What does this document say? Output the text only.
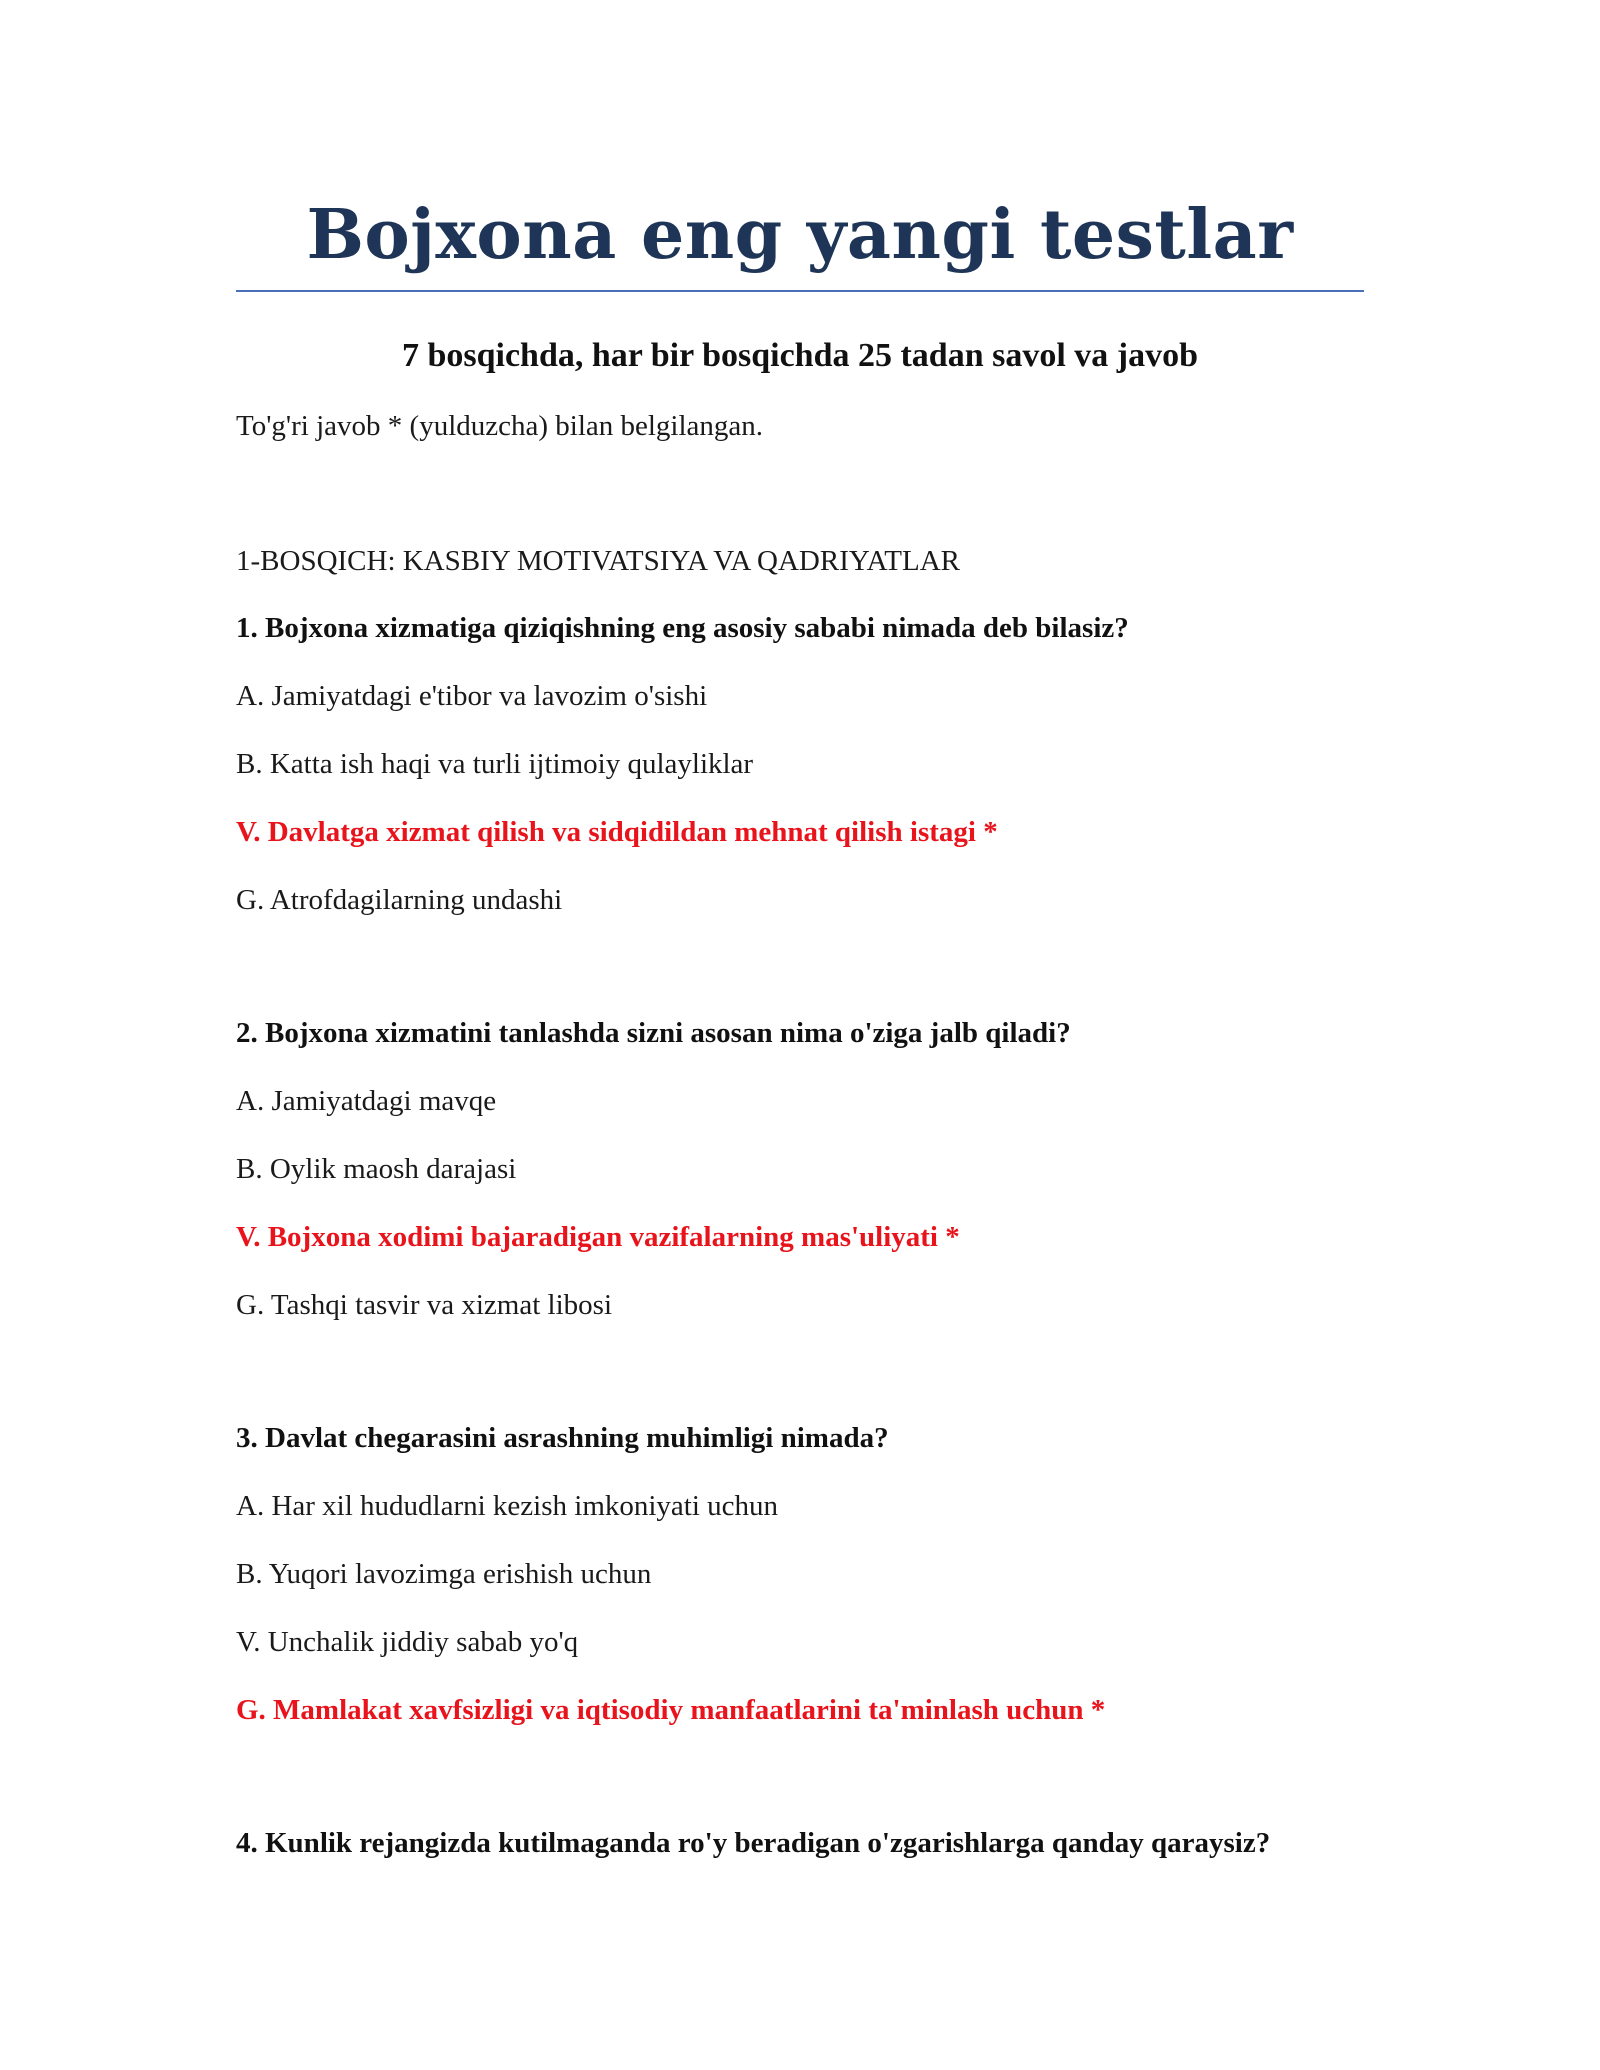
Bojxona eng yangi testlar
7 bosqichda, har bir bosqichda 25 tadan savol va javob
To'g'ri javob * (yulduzcha) bilan belgilangan.
1-BOSQICH: KASBIY MOTIVATSIYA VA QADRIYATLAR
1. Bojxona xizmatiga qiziqishning eng asosiy sababi nimada deb bilasiz?
A. Jamiyatdagi e'tibor va lavozim o'sishi
B. Katta ish haqi va turli ijtimoiy qulayliklar
V. Davlatga xizmat qilish va sidqidildan mehnat qilish istagi *
G. Atrofdagilarning undashi
2. Bojxona xizmatini tanlashda sizni asosan nima o'ziga jalb qiladi?
A. Jamiyatdagi mavqe
B. Oylik maosh darajasi
V. Bojxona xodimi bajaradigan vazifalarning mas'uliyati *
G. Tashqi tasvir va xizmat libosi
3. Davlat chegarasini asrashning muhimligi nimada?
A. Har xil hududlarni kezish imkoniyati uchun
B. Yuqori lavozimga erishish uchun
V. Unchalik jiddiy sabab yo'q
G. Mamlakat xavfsizligi va iqtisodiy manfaatlarini ta'minlash uchun *
4. Kunlik rejangizda kutilmaganda ro'y beradigan o'zgarishlarga qanday qaraysiz?
